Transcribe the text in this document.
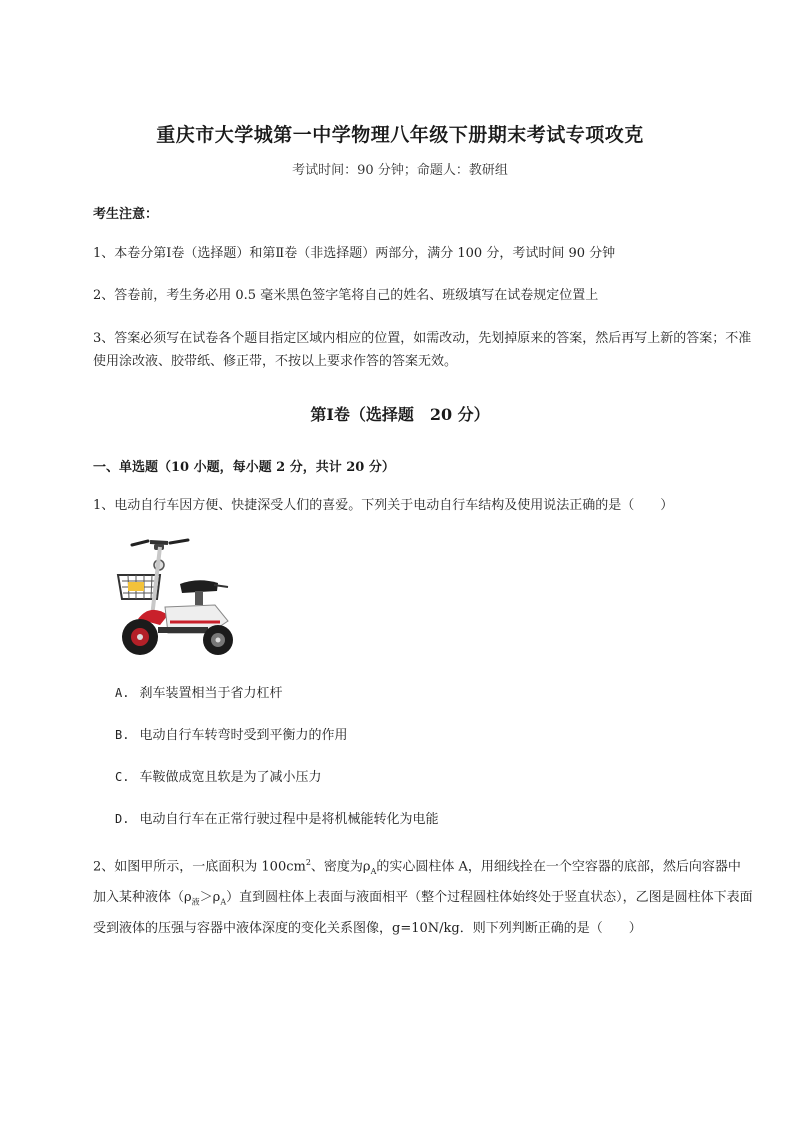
重庆市大学城第一中学物理八年级下册期末考试专项攻克
考试时间：90 分钟；命题人：教研组
考生注意：
1、本卷分第Ⅰ卷（选择题）和第Ⅱ卷（非选择题）两部分，满分 100 分，考试时间 90 分钟
2、答卷前，考生务必用 0.5 毫米黑色签字笔将自己的姓名、班级填写在试卷规定位置上
3、答案必须写在试卷各个题目指定区域内相应的位置，如需改动，先划掉原来的答案，然后再写上新的答案；不准使用涂改液、胶带纸、修正带，不按以上要求作答的答案无效。
第Ⅰ卷（选择题　20 分）
一、单选题（10 小题，每小题 2 分，共计 20 分）
1、电动自行车因方便、快捷深受人们的喜爱。下列关于电动自行车结构及使用说法正确的是（　　）
A. 刹车装置相当于省力杠杆
B. 电动自行车转弯时受到平衡力的作用
C. 车鞍做成宽且软是为了减小压力
D. 电动自行车在正常行驶过程中是将机械能转化为电能
2、如图甲所示，一底面积为 $100cm^2$、密度为$\rho_A$的实心圆柱体 A，用细线拴在一个空容器的底部，然后向容器中加入某种液体$(\rho_液>\rho_A)$直到圆柱体上表面与液面相平（整个过程圆柱体始终处于竖直状态），乙图是圆柱体下表面受到液体的压强与容器中液体深度的变化关系图像，g=10N/kg．则下列判断正确的是（　　）
